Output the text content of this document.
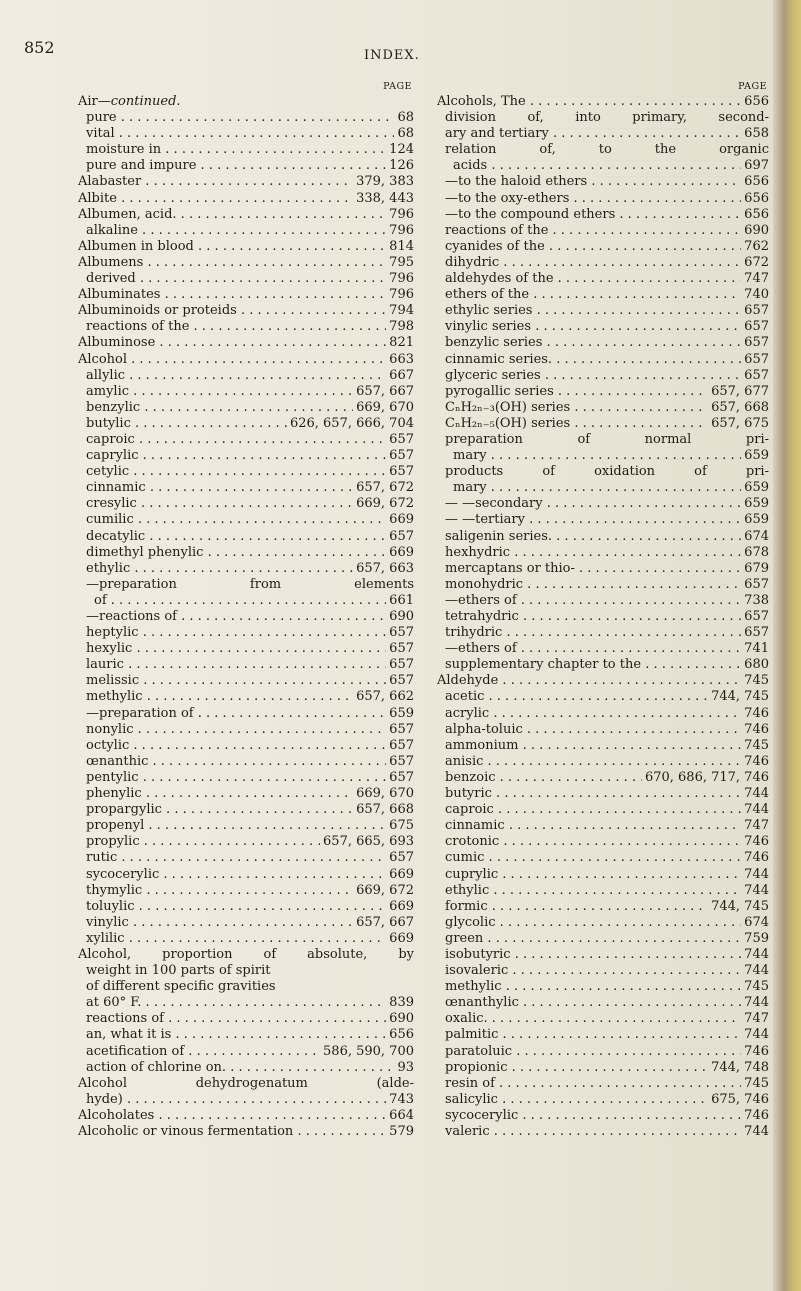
852	INDEX.
PAGE
Air—continued.
pure . . .	68
vital . . .	68
moisture in . . .	124
pure and impure . . .	126
Alabaster . . .	379, 383
Albite . . .	338, 443
Albumen, acid. . . .	796
alkaline . . .	796
Albumen in blood . . .	814
Albumens . . .	795
derived . . .	796
Albuminates . . .	796
Albuminoids or proteids . . .	794
reactions of the . . .	798
Albuminose . . .	821
Alcohol . . .	663
allylic . . .	667
amylic . . .	657, 667
benzylic . . .	669, 670
butylic . . .	626, 657, 666, 704
caproic . . .	657
caprylic . . .	657
cetylic . . .	657
cinnamic . . .	657, 672
cresylic . . .	669, 672
cumilic . . .	669
decatylic . . .	657
dimethyl phenylic . . .	669
ethylic . . .	657, 663
—preparation from elements
of . . .	661
—reactions of . . .	690
heptylic . . .	657
hexylic . . .	657
lauric . . .	657
melissic . . .	657
methylic . . .	657, 662
—preparation of . . .	659
nonylic . . .	657
octylic . . .	657
œnanthic . . .	657
pentylic . . .	657
phenylic . . .	669, 670
propargylic . . .	657, 668
propenyl . . .	675
propylic . . .	657, 665, 693
rutic . . .	657
sycocerylic . . .	669
thymylic . . .	669, 672
toluylic . . .	669
vinylic . . .	657, 667
xylilic . . .	669
Alcohol, proportion of absolute, by
weight in 100 parts of spirit
of different specific gravities
at 60° F. . . .	839
reactions of . . .	690
an, what it is . . .	656
acetification of . . .	586, 590, 700
action of chlorine on. . . .	93
Alcohol dehydrogenatum (alde-
hyde) . . .	743
Alcoholates . . .	664
Alcoholic or vinous fermentation . . .	579
PAGE
Alcohols, The . . .	656
division of, into primary, second-
ary and tertiary . . .	658
relation of, to the organic
acids . . .	697
—to the haloid ethers . . .	656
—to the oxy-ethers . . .	656
—to the compound ethers . . .	656
reactions of the . . .	690
cyanides of the . . .	762
dihydric . . .	672
aldehydes of the . . .	747
ethers of the . . .	740
ethylic series . . .	657
vinylic series . . .	657
benzylic series . . .	657
cinnamic series. . . .	657
glyceric series . . .	657
pyrogallic series . . .	657, 677
CₙH₂ₙ₋₃(OH) series . . .	657, 668
CₙH₂ₙ₋₅(OH) series . . .	657, 675
preparation of normal pri-
mary . . .	659
products of oxidation of pri-
mary . . .	659
— —secondary . . .	659
— —tertiary . . .	659
saligenin series. . . .	674
hexhydric . . .	678
mercaptans or thio- . . .	679
monohydric . . .	657
—ethers of . . .	738
tetrahydric . . .	657
trihydric . . .	657
—ethers of . . .	741
supplementary chapter to the . . .	680
Aldehyde . . .	745
acetic . . .	744, 745
acrylic . . .	746
alpha-toluic . . .	746
ammonium . . .	745
anisic . . .	746
benzoic . . .	670, 686, 717, 746
butyric . . .	744
caproic . . .	744
cinnamic . . .	747
crotonic . . .	746
cumic . . .	746
cuprylic . . .	744
ethylic . . .	744
formic . . .	744, 745
glycolic . . .	674
green . . .	759
isobutyric . . .	744
isovaleric . . .	744
methylic . . .	745
œnanthylic . . .	744
oxalic. . . .	747
palmitic . . .	744
paratoluic . . .	746
propionic . . .	744, 748
resin of . . .	745
salicylic . . .	675, 746
sycocerylic . . .	746
valeric . . .	744
